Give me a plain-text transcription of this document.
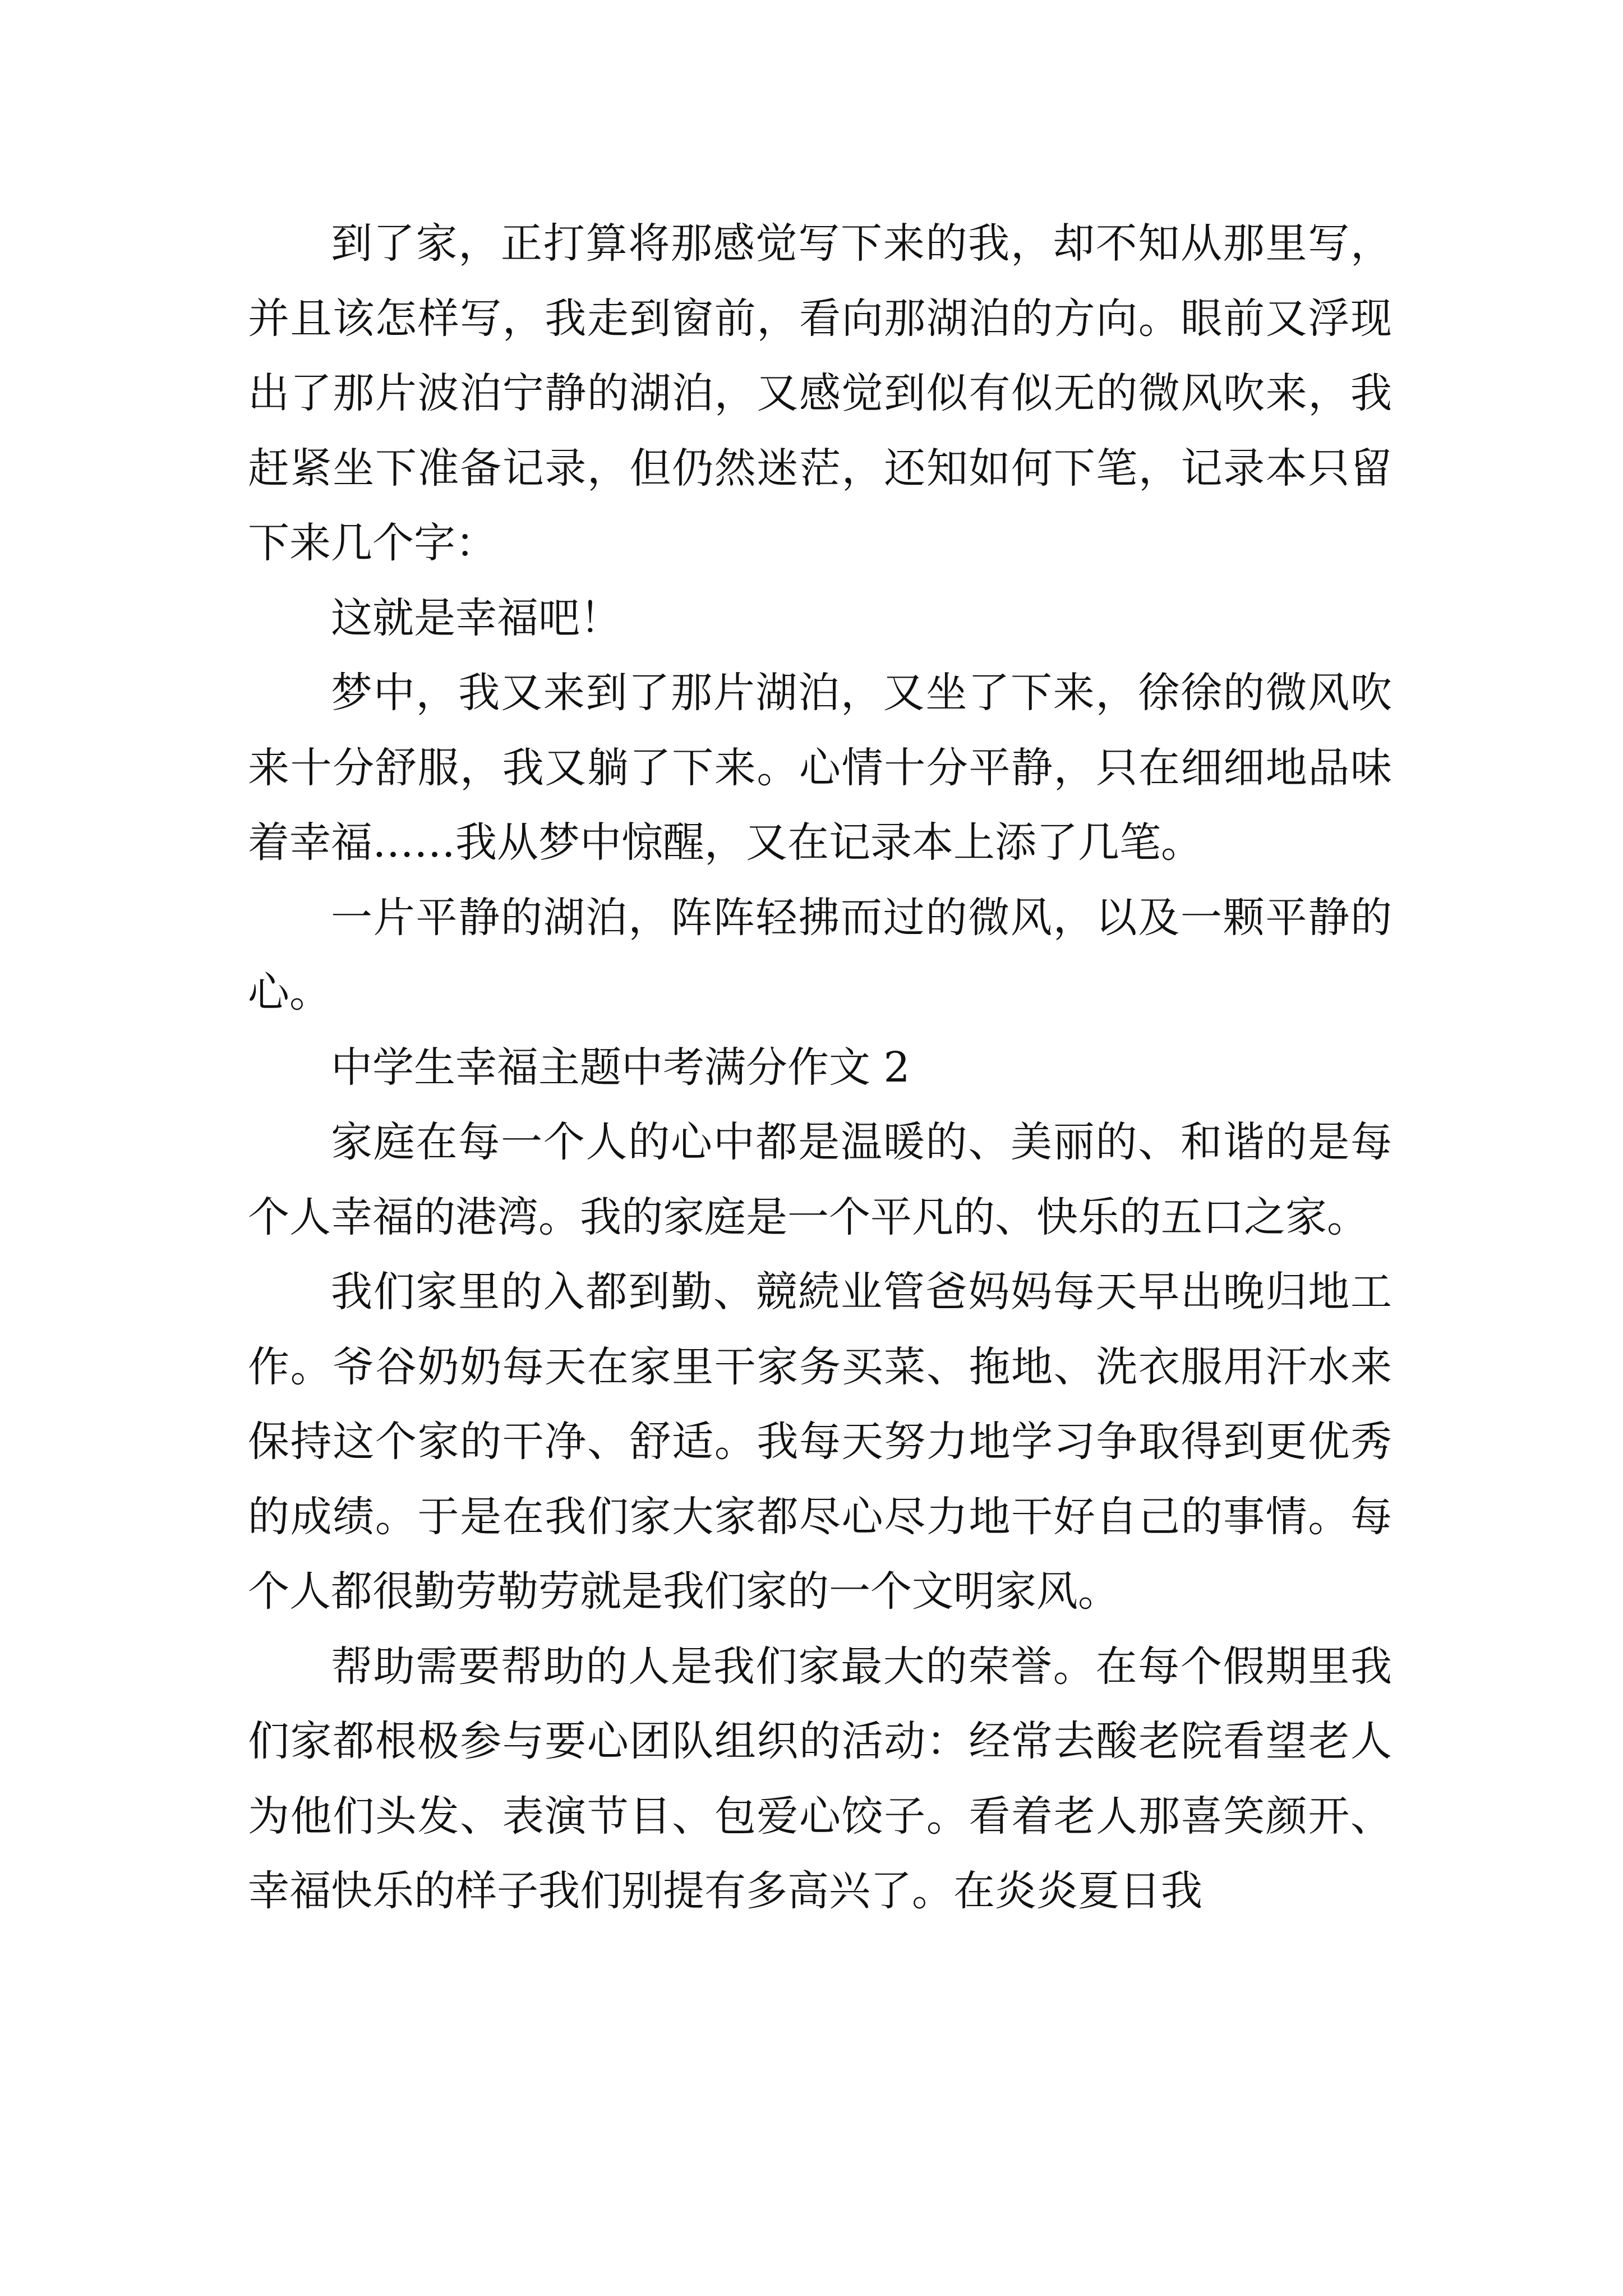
到了家，正打算将那感觉写下来的我，却不知从那里写，并且该怎样写，我走到窗前，看向那湖泊的方向。眼前又浮现出了那片波泊宁静的湖泊，又感觉到似有似无的微风吹来，我赶紧坐下准备记录，但仍然迷茫，还知如何下笔，记录本只留下来几个字：

这就是幸福吧！

梦中，我又来到了那片湖泊，又坐了下来，徐徐的微风吹来十分舒服，我又躺了下来。心情十分平静，只在细细地品味着幸福……我从梦中惊醒，又在记录本上添了几笔。

一片平静的湖泊，阵阵轻拂而过的微风，以及一颗平静的心。

中学生幸福主题中考满分作文 2

家庭在每一个人的心中都是温暖的、美丽的、和谐的是每个人幸福的港湾。我的家庭是一个平凡的、快乐的五口之家。

我们家里的入都到勤、競続业管爸妈妈每天早出晚归地工作。爷谷奶奶每天在家里干家务买菜、拖地、洗衣服用汗水来保持这个家的干净、舒适。我每天努力地学习争取得到更优秀的成绩。于是在我们家大家都尽心尽力地干好自己的事情。每个人都很勤劳勒劳就是我们家的一个文明家风。

帮助需要帮助的人是我们家最大的荣誉。在每个假期里我们家都根极参与要心团队组织的活动：经常去酸老院看望老人为他们头发、表演节目、包爱心饺子。看着老人那喜笑颜开、幸福快乐的样子我们别提有多高兴了。在炎炎夏日我
